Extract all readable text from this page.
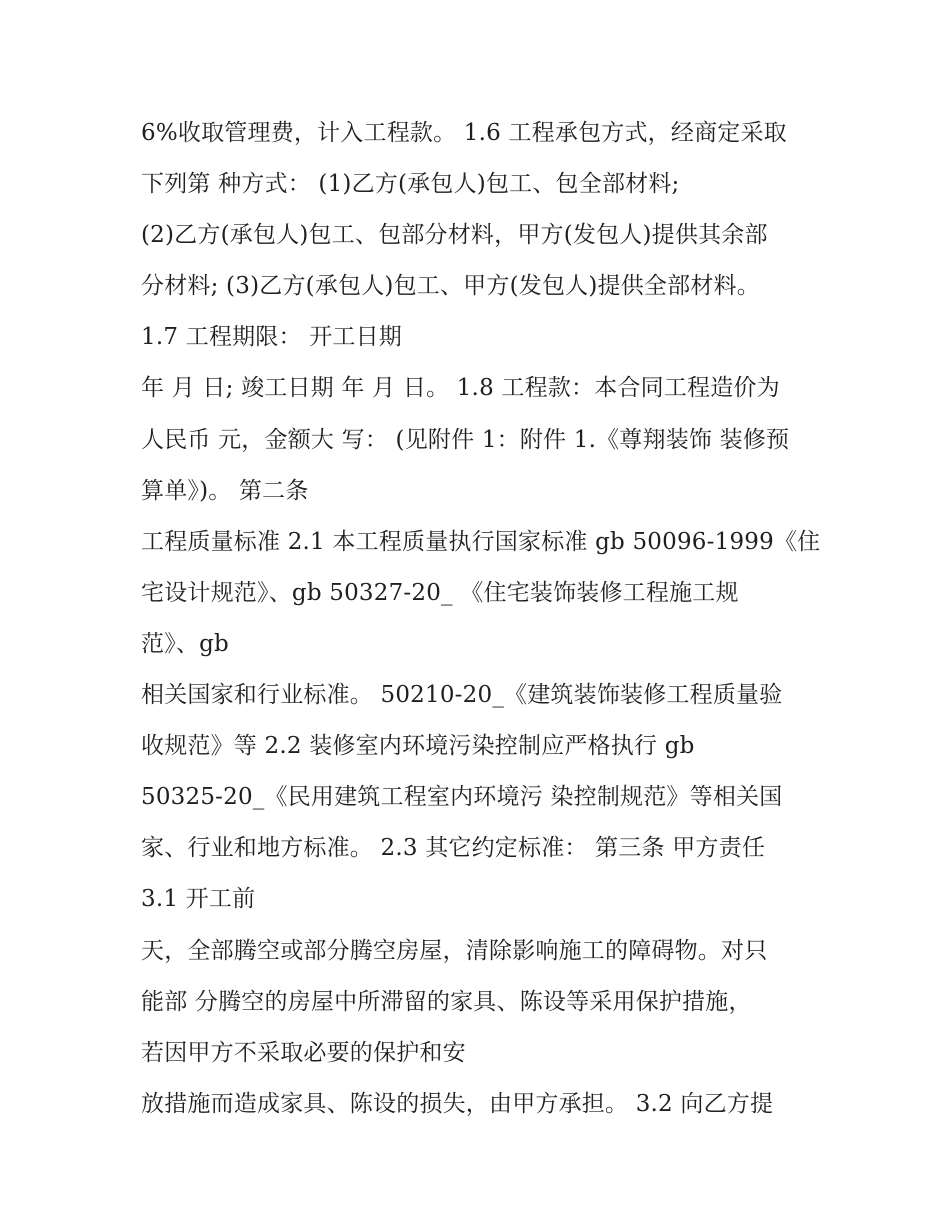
6%收取管理费，计入工程款。 1.6 工程承包方式，经商定采取
下列第 种方式： (1)乙方(承包人)包工、包全部材料;
(2)乙方(承包人)包工、包部分材料，甲方(发包人)提供其余部
分材料; (3)乙方(承包人)包工、甲方(发包人)提供全部材料。
1.7 工程期限： 开工日期
年 月 日; 竣工日期 年 月 日。 1.8 工程款：本合同工程造价为
人民币 元，金额大 写： (见附件 1：附件 1.《尊翔装饰 装修预
算单》)。 第二条
工程质量标准 2.1 本工程质量执行国家标准 gb 50096-1999《住
宅设计规范》、gb 50327-20_ 《住宅装饰装修工程施工规
范》、gb
相关国家和行业标准。 50210-20_《建筑装饰装修工程质量验
收规范》等 2.2 装修室内环境污染控制应严格执行 gb
50325-20_《民用建筑工程室内环境污 染控制规范》等相关国
家、行业和地方标准。 2.3 其它约定标准： 第三条 甲方责任
3.1 开工前
天，全部腾空或部分腾空房屋，清除影响施工的障碍物。对只
能部 分腾空的房屋中所滞留的家具、陈设等采用保护措施，
若因甲方不采取必要的保护和安
放措施而造成家具、陈设的损失，由甲方承担。 3.2 向乙方提
